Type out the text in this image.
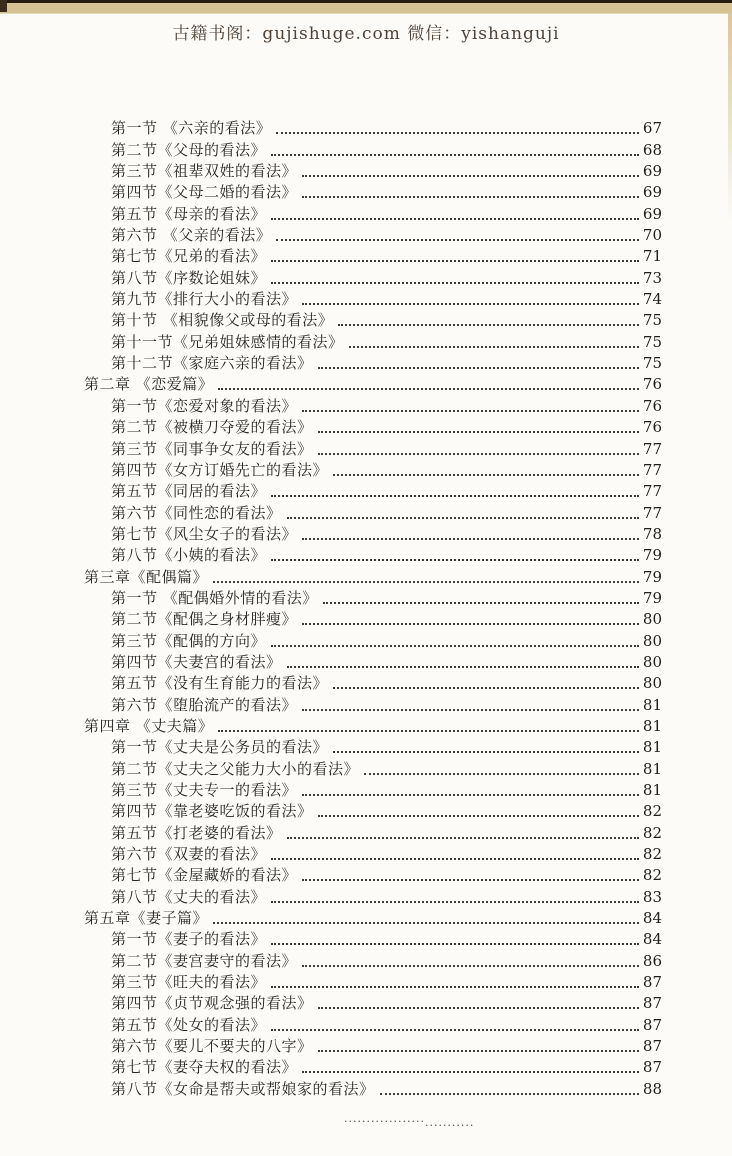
古籍书阁：gujishuge.com 微信：yishanguji
第一节 《六亲的看法》	67
第二节《父母的看法》	68
第三节《祖辈双姓的看法》	69
第四节《父母二婚的看法》	69
第五节《母亲的看法》	69
第六节 《父亲的看法》	70
第七节《兄弟的看法》	71
第八节《序数论姐妹》	73
第九节《排行大小的看法》	74
第十节 《相貌像父或母的看法》	75
第十一节《兄弟姐妹感情的看法》	75
第十二节《家庭六亲的看法》	75
第二章 《恋爱篇》	76
第一节《恋爱对象的看法》	76
第二节《被横刀夺爱的看法》	76
第三节《同事争女友的看法》	77
第四节《女方订婚先亡的看法》	77
第五节《同居的看法》	77
第六节《同性恋的看法》	77
第七节《风尘女子的看法》	78
第八节《小姨的看法》	79
第三章《配偶篇》	79
第一节 《配偶婚外情的看法》	79
第二节《配偶之身材胖瘦》	80
第三节《配偶的方向》	80
第四节《夫妻宫的看法》	80
第五节《没有生育能力的看法》	80
第六节《堕胎流产的看法》	81
第四章 《丈夫篇》	81
第一节《丈夫是公务员的看法》	81
第二节《丈夫之父能力大小的看法》	81
第三节《丈夫专一的看法》	81
第四节《靠老婆吃饭的看法》	82
第五节《打老婆的看法》	82
第六节《双妻的看法》	82
第七节《金屋藏娇的看法》	82
第八节《丈夫的看法》	83
第五章《妻子篇》	84
第一节《妻子的看法》	84
第二节《妻宫妻守的看法》	86
第三节《旺夫的看法》	87
第四节《贞节观念强的看法》	87
第五节《处女的看法》	87
第六节《要儿不要夫的八字》	87
第七节《妻夺夫权的看法》	87
第八节《女命是帮夫或帮娘家的看法》	88
.............................
